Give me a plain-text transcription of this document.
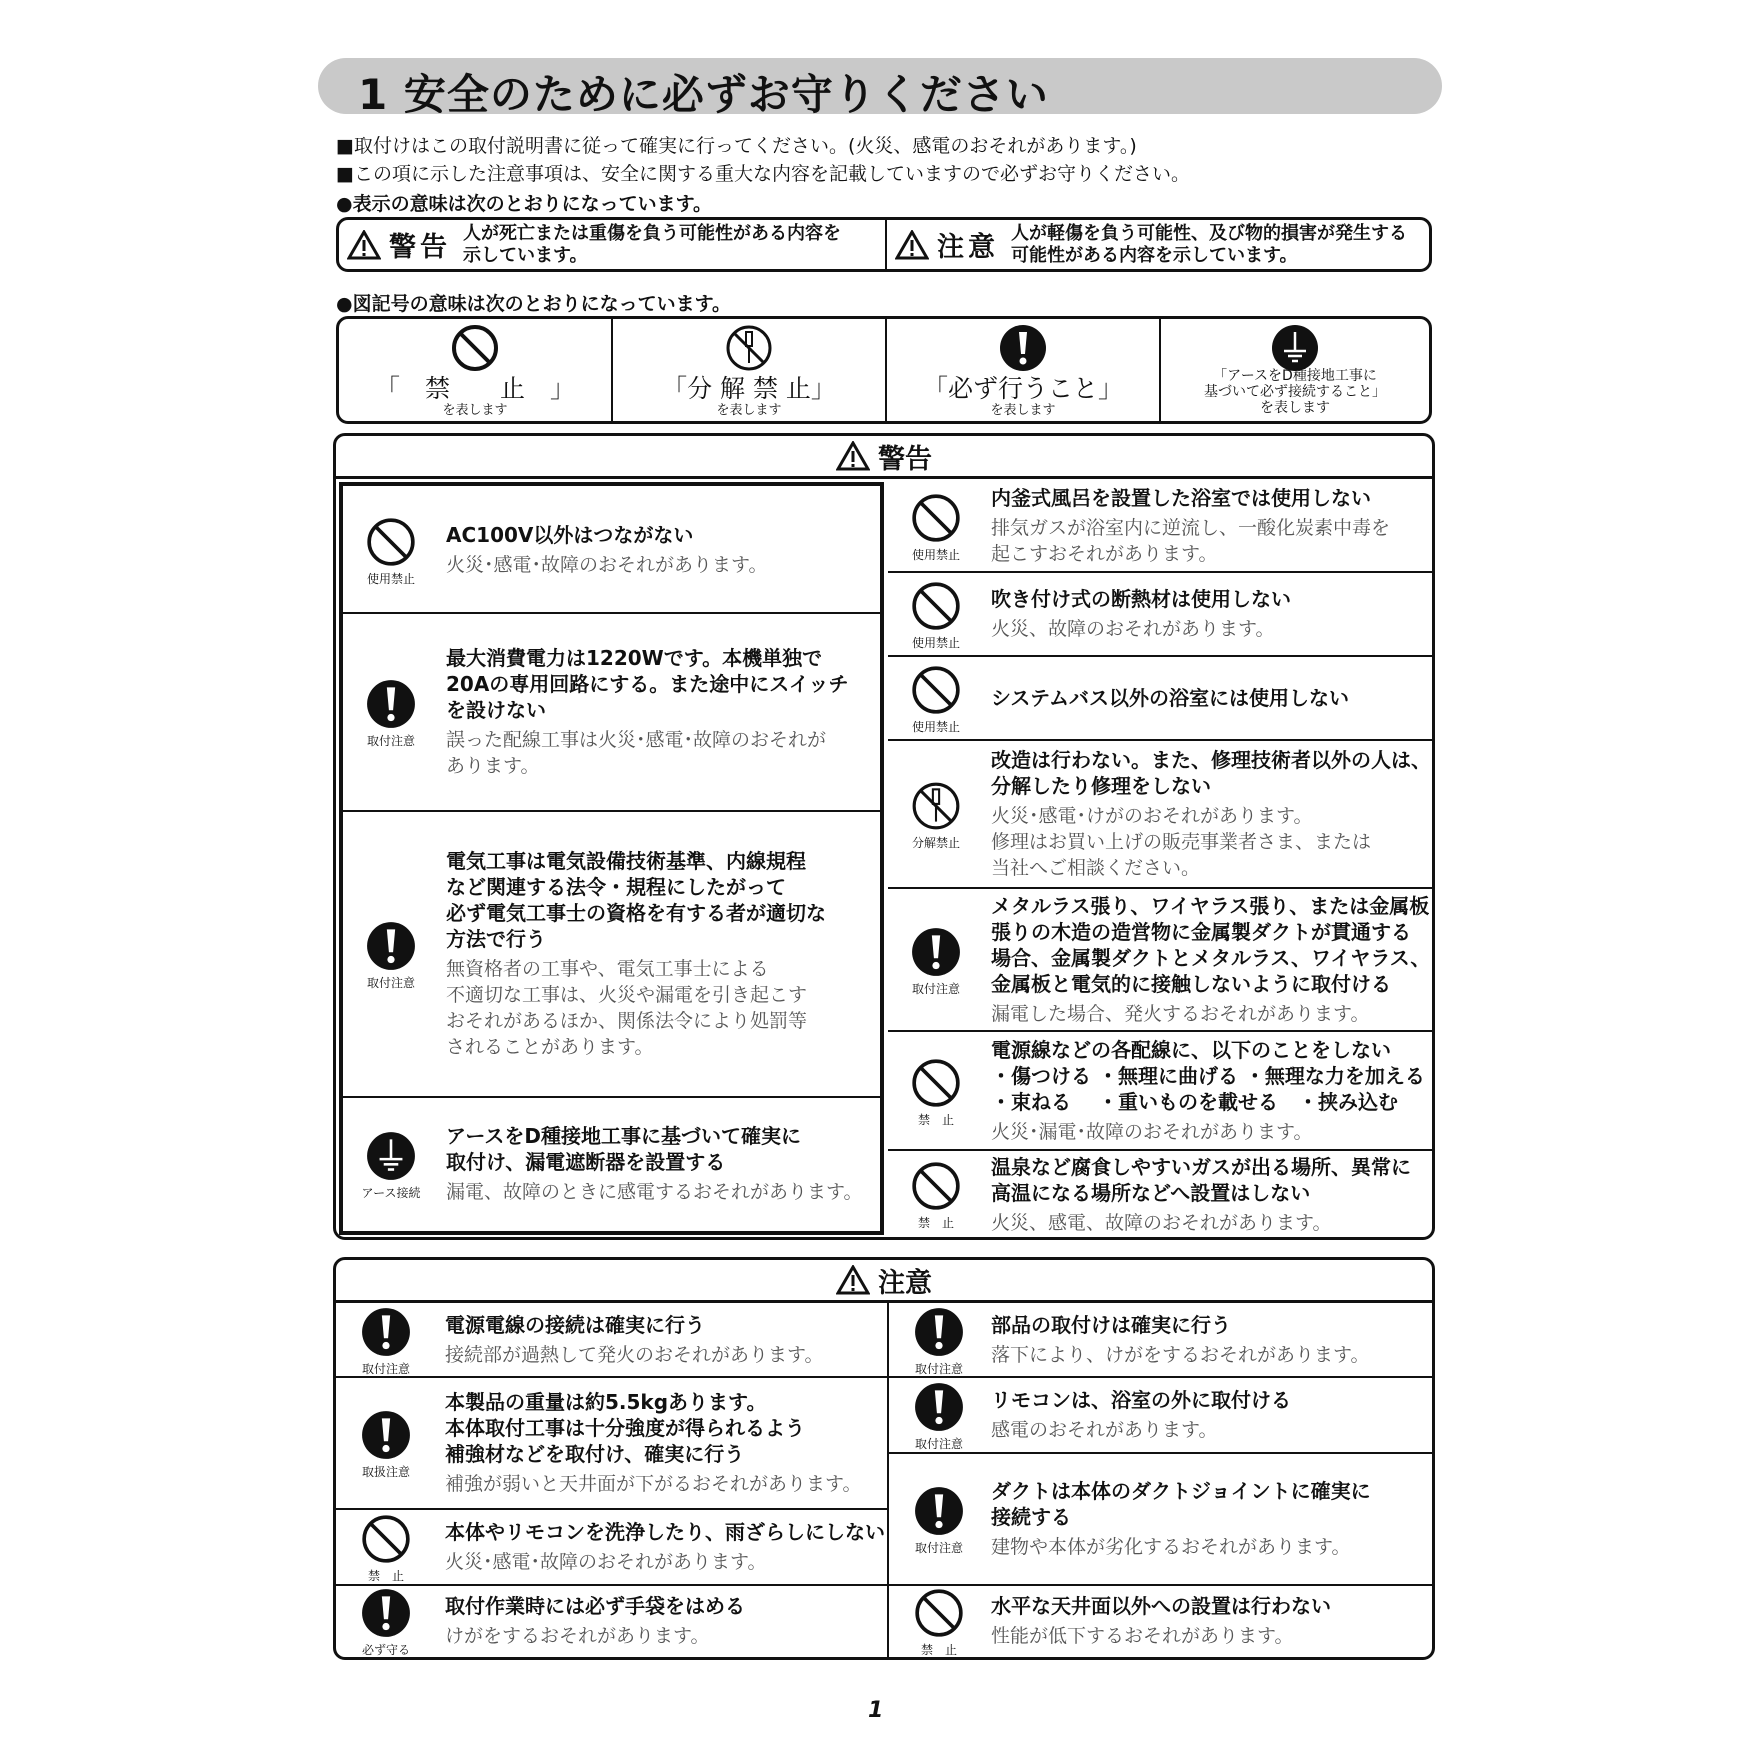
1 安全のために必ずお守りください
■取付けはこの取付説明書に従って確実に行ってください。(火災、感電のおそれがあります。)
■この項に示した注意事項は、安全に関する重大な内容を記載していますので必ずお守りください。
●表示の意味は次のとおりになっています。
警告 人が死亡または重傷を負う可能性がある内容を
示しています。	注意 人が軽傷を負う可能性、及び物的損害が発生する
可能性がある内容を示しています。
●図記号の意味は次のとおりになっています。
「　禁　　止　」
を表します
「分 解 禁 止」
を表します
「必ず行うこと」
を表します
「アースをD種接地工事に
基づいて必ず接続すること」
を表します
警告
使用禁止
AC100V以外はつながない
火災･感電･故障のおそれがあります。
取付注意
最大消費電力は1220Wです。本機単独で
20Aの専用回路にする。また途中にスイッチ
を設けない
誤った配線工事は火災･感電･故障のおそれが
あります。
取付注意
電気工事は電気設備技術基準、内線規程
など関連する法令・規程にしたがって
必ず電気工事士の資格を有する者が適切な
方法で行う
無資格者の工事や、電気工事士による
不適切な工事は、火災や漏電を引き起こす
おそれがあるほか、関係法令により処罰等
されることがあります。
アース接続
アースをD種接地工事に基づいて確実に
取付け、漏電遮断器を設置する
漏電、故障のときに感電するおそれがあります。
使用禁止
内釜式風呂を設置した浴室では使用しない
排気ガスが浴室内に逆流し、一酸化炭素中毒を
起こすおそれがあります。
使用禁止
吹き付け式の断熱材は使用しない
火災、故障のおそれがあります。
使用禁止
システムバス以外の浴室には使用しない
分解禁止
改造は行わない。また、修理技術者以外の人は、
分解したり修理をしない
火災･感電･けがのおそれがあります。
修理はお買い上げの販売事業者さま、または
当社へご相談ください。
取付注意
メタルラス張り、ワイヤラス張り、または金属板
張りの木造の造営物に金属製ダクトが貫通する
場合、金属製ダクトとメタルラス、ワイヤラス、
金属板と電気的に接触しないように取付ける
漏電した場合、発火するおそれがあります。
禁　止
電源線などの各配線に、以下のことをしない
・傷つける ・無理に曲げる ・無理な力を加える
・束ねる　 ・重いものを載せる　・挟み込む
火災･漏電･故障のおそれがあります。
禁　止
温泉など腐食しやすいガスが出る場所、異常に
高温になる場所などへ設置はしない
火災、感電、故障のおそれがあります。
注意
取付注意
電源電線の接続は確実に行う
接続部が過熱して発火のおそれがあります。
取扱注意
本製品の重量は約5.5kgあります。
本体取付工事は十分強度が得られるよう
補強材などを取付け、確実に行う
補強が弱いと天井面が下がるおそれがあります。
禁　止
本体やリモコンを洗浄したり、雨ざらしにしない
火災･感電･故障のおそれがあります。
必ず守る
取付作業時には必ず手袋をはめる
けがをするおそれがあります。
取付注意
部品の取付けは確実に行う
落下により、けがをするおそれがあります。
取付注意
リモコンは、浴室の外に取付ける
感電のおそれがあります。
取付注意
ダクトは本体のダクトジョイントに確実に
接続する
建物や本体が劣化するおそれがあります。
禁　止
水平な天井面以外への設置は行わない
性能が低下するおそれがあります。
1
